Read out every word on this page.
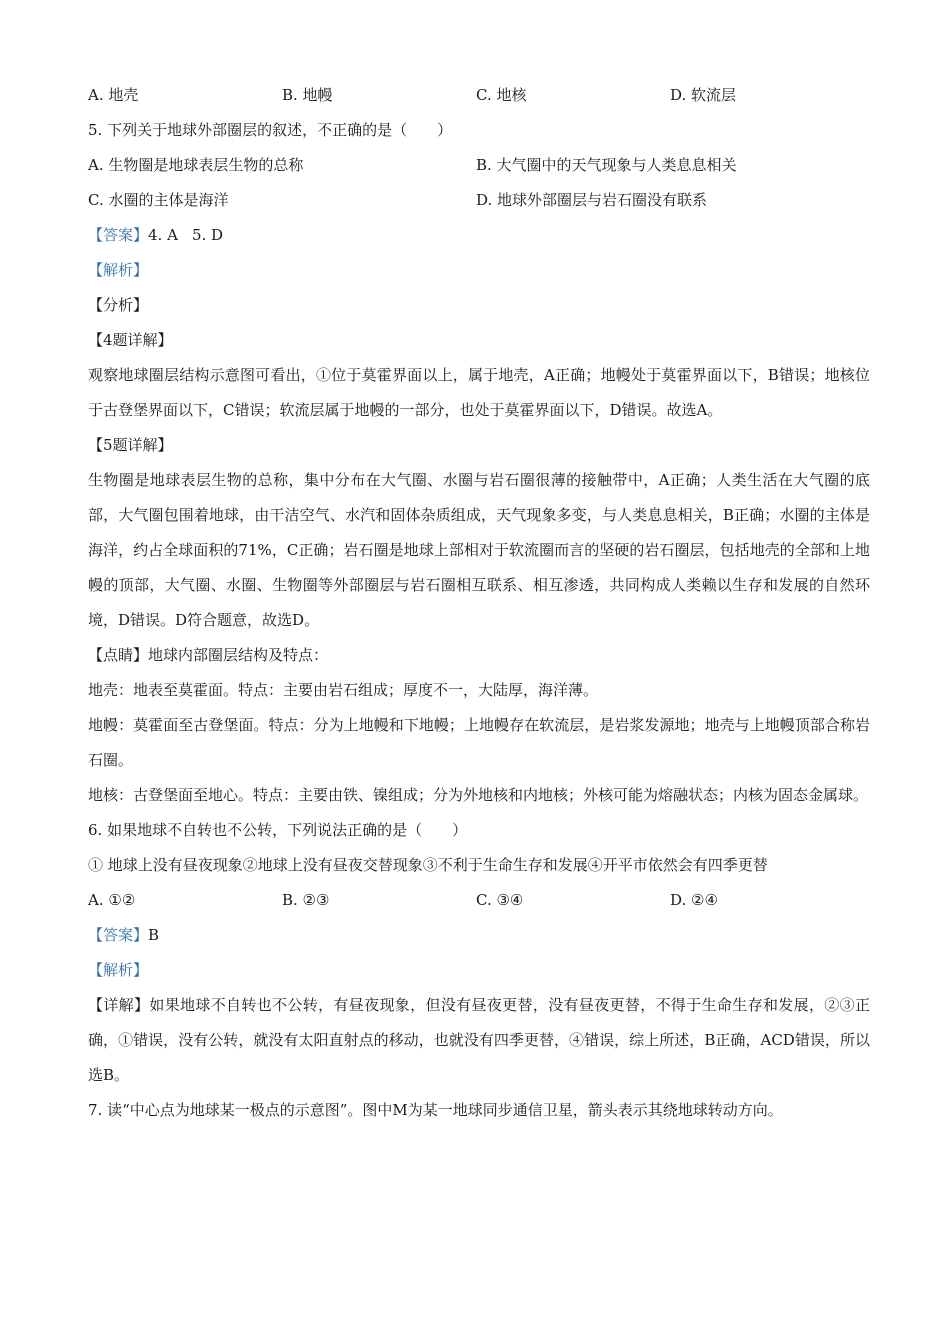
A. 地壳	B. 地幔	C. 地核	D. 软流层
5. 下列关于地球外部圈层的叙述，不正确的是（　　）
A. 生物圈是地球表层生物的总称	B. 大气圈中的天气现象与人类息息相关
C. 水圈的主体是海洋	D. 地球外部圈层与岩石圈没有联系
【答案】4. A 5. D
【解析】
【分析】
【4题详解】
观察地球圈层结构示意图可看出，①位于莫霍界面以上，属于地壳，A正确；地幔处于莫霍界面以下，B错误；地核位于古登堡界面以下，C错误；软流层属于地幔的一部分，也处于莫霍界面以下，D错误。故选A。
【5题详解】
生物圈是地球表层生物的总称，集中分布在大气圈、水圈与岩石圈很薄的接触带中，A正确；人类生活在大气圈的底部，大气圈包围着地球，由干洁空气、水汽和固体杂质组成，天气现象多变，与人类息息相关，B正确；水圈的主体是海洋，约占全球面积的71%，C正确；岩石圈是地球上部相对于软流圈而言的坚硬的岩石圈层，包括地壳的全部和上地幔的顶部，大气圈、水圈、生物圈等外部圈层与岩石圈相互联系、相互渗透，共同构成人类赖以生存和发展的自然环境，D错误。D符合题意，故选D。
【点睛】地球内部圈层结构及特点：
地壳：地表至莫霍面。特点：主要由岩石组成；厚度不一，大陆厚，海洋薄。
地幔：莫霍面至古登堡面。特点：分为上地幔和下地幔；上地幔存在软流层，是岩浆发源地；地壳与上地幔顶部合称岩石圈。
地核：古登堡面至地心。特点：主要由铁、镍组成；分为外地核和内地核；外核可能为熔融状态；内核为固态金属球。
6. 如果地球不自转也不公转，下列说法正确的是（　　）
① 地球上没有昼夜现象②地球上没有昼夜交替现象③不利于生命生存和发展④开平市依然会有四季更替
A. ①②	B. ②③	C. ③④	D. ②④
【答案】B
【解析】
【详解】如果地球不自转也不公转，有昼夜现象，但没有昼夜更替，没有昼夜更替，不得于生命生存和发展，②③正确，①错误，没有公转，就没有太阳直射点的移动，也就没有四季更替，④错误，综上所述，B正确，ACD错误，所以选B。
7. 读“中心点为地球某一极点的示意图”。图中M为某一地球同步通信卫星，箭头表示其绕地球转动方向。
